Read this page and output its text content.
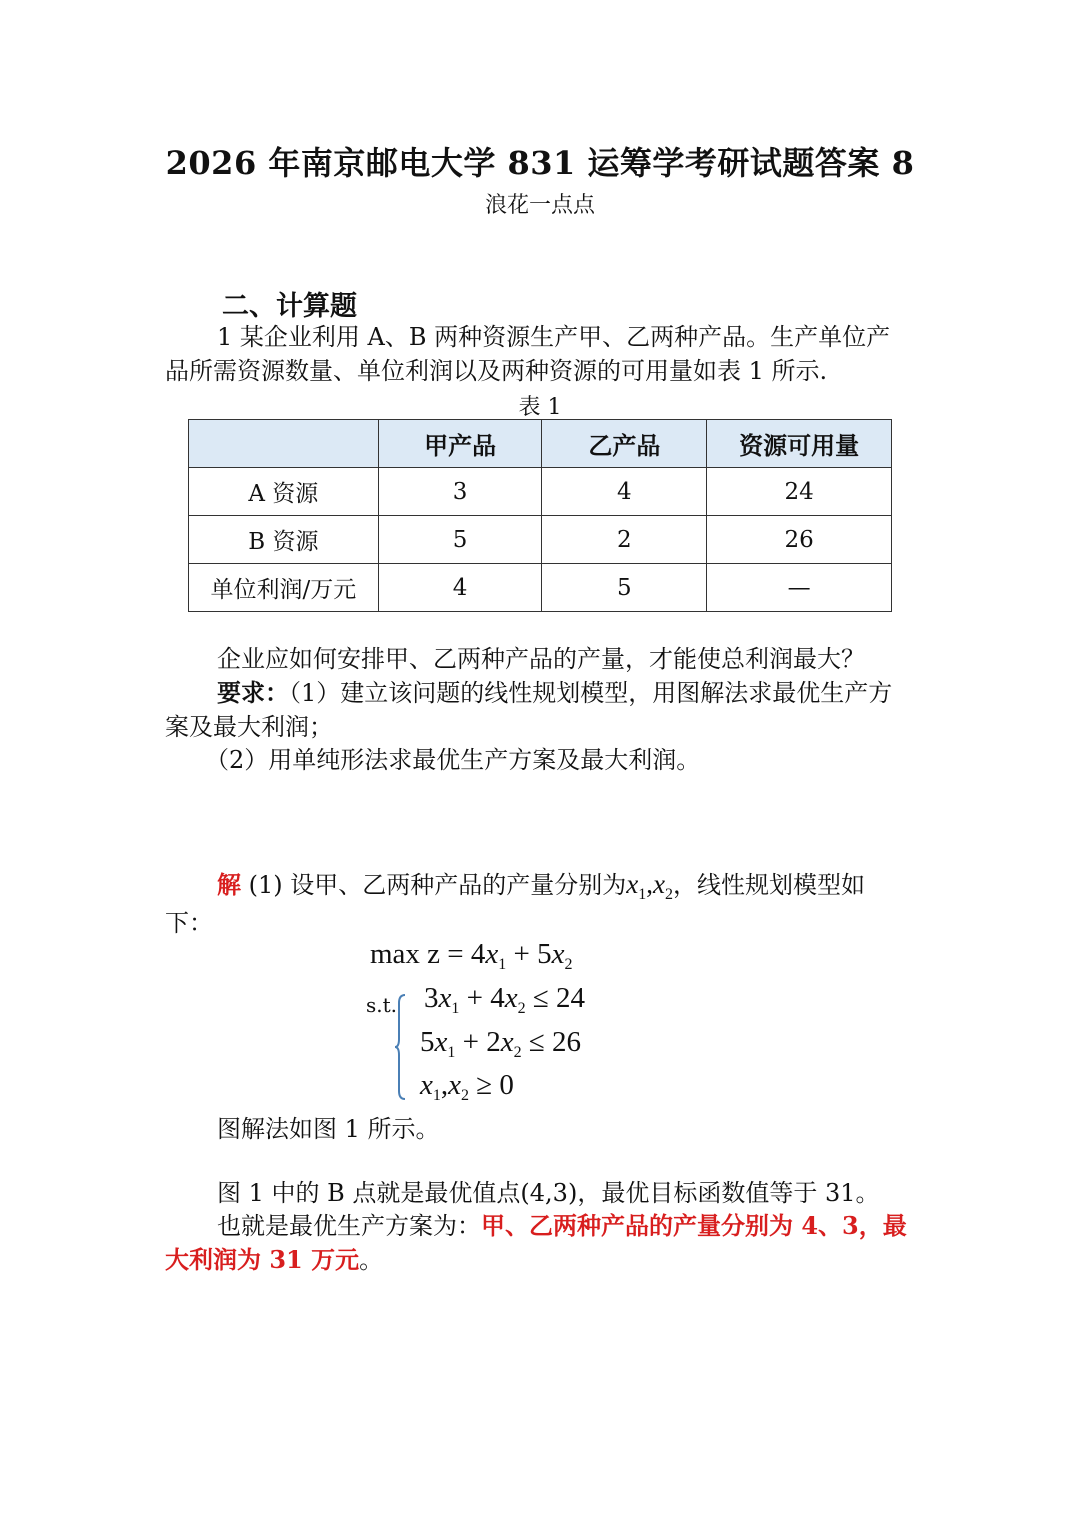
2026 年南京邮电大学 831 运筹学考研试题答案 8
浪花一点点
二、计算题
1 某企业利用 A、B 两种资源生产甲、乙两种产品。生产单位产
品所需资源数量、单位利润以及两种资源的可用量如表 1 所示.
表 1
	甲产品	乙产品	资源可用量
A 资源	3	4	24
B 资源	5	2	26
单位利润/万元	4	5	—
企业应如何安排甲、乙两种产品的产量，才能使总利润最大？
要求：（1）建立该问题的线性规划模型，用图解法求最优生产方
案及最大利润；
（2）用单纯形法求最优生产方案及最大利润。
解 (1) 设甲、乙两种产品的产量分别为$x_1,x_2$，线性规划模型如
下：
$\max z = 4x_1 + 5x_2$
s.t. $3x_1 + 4x_2 \le 24$
$5x_1 + 2x_2 \le 26$
$x_1,x_2 \ge 0$
图解法如图 1 所示。
图 1 中的 B 点就是最优值点(4,3)，最优目标函数值等于 31。
也就是最优生产方案为：甲、乙两种产品的产量分别为 4、3，最
大利润为 31 万元。
